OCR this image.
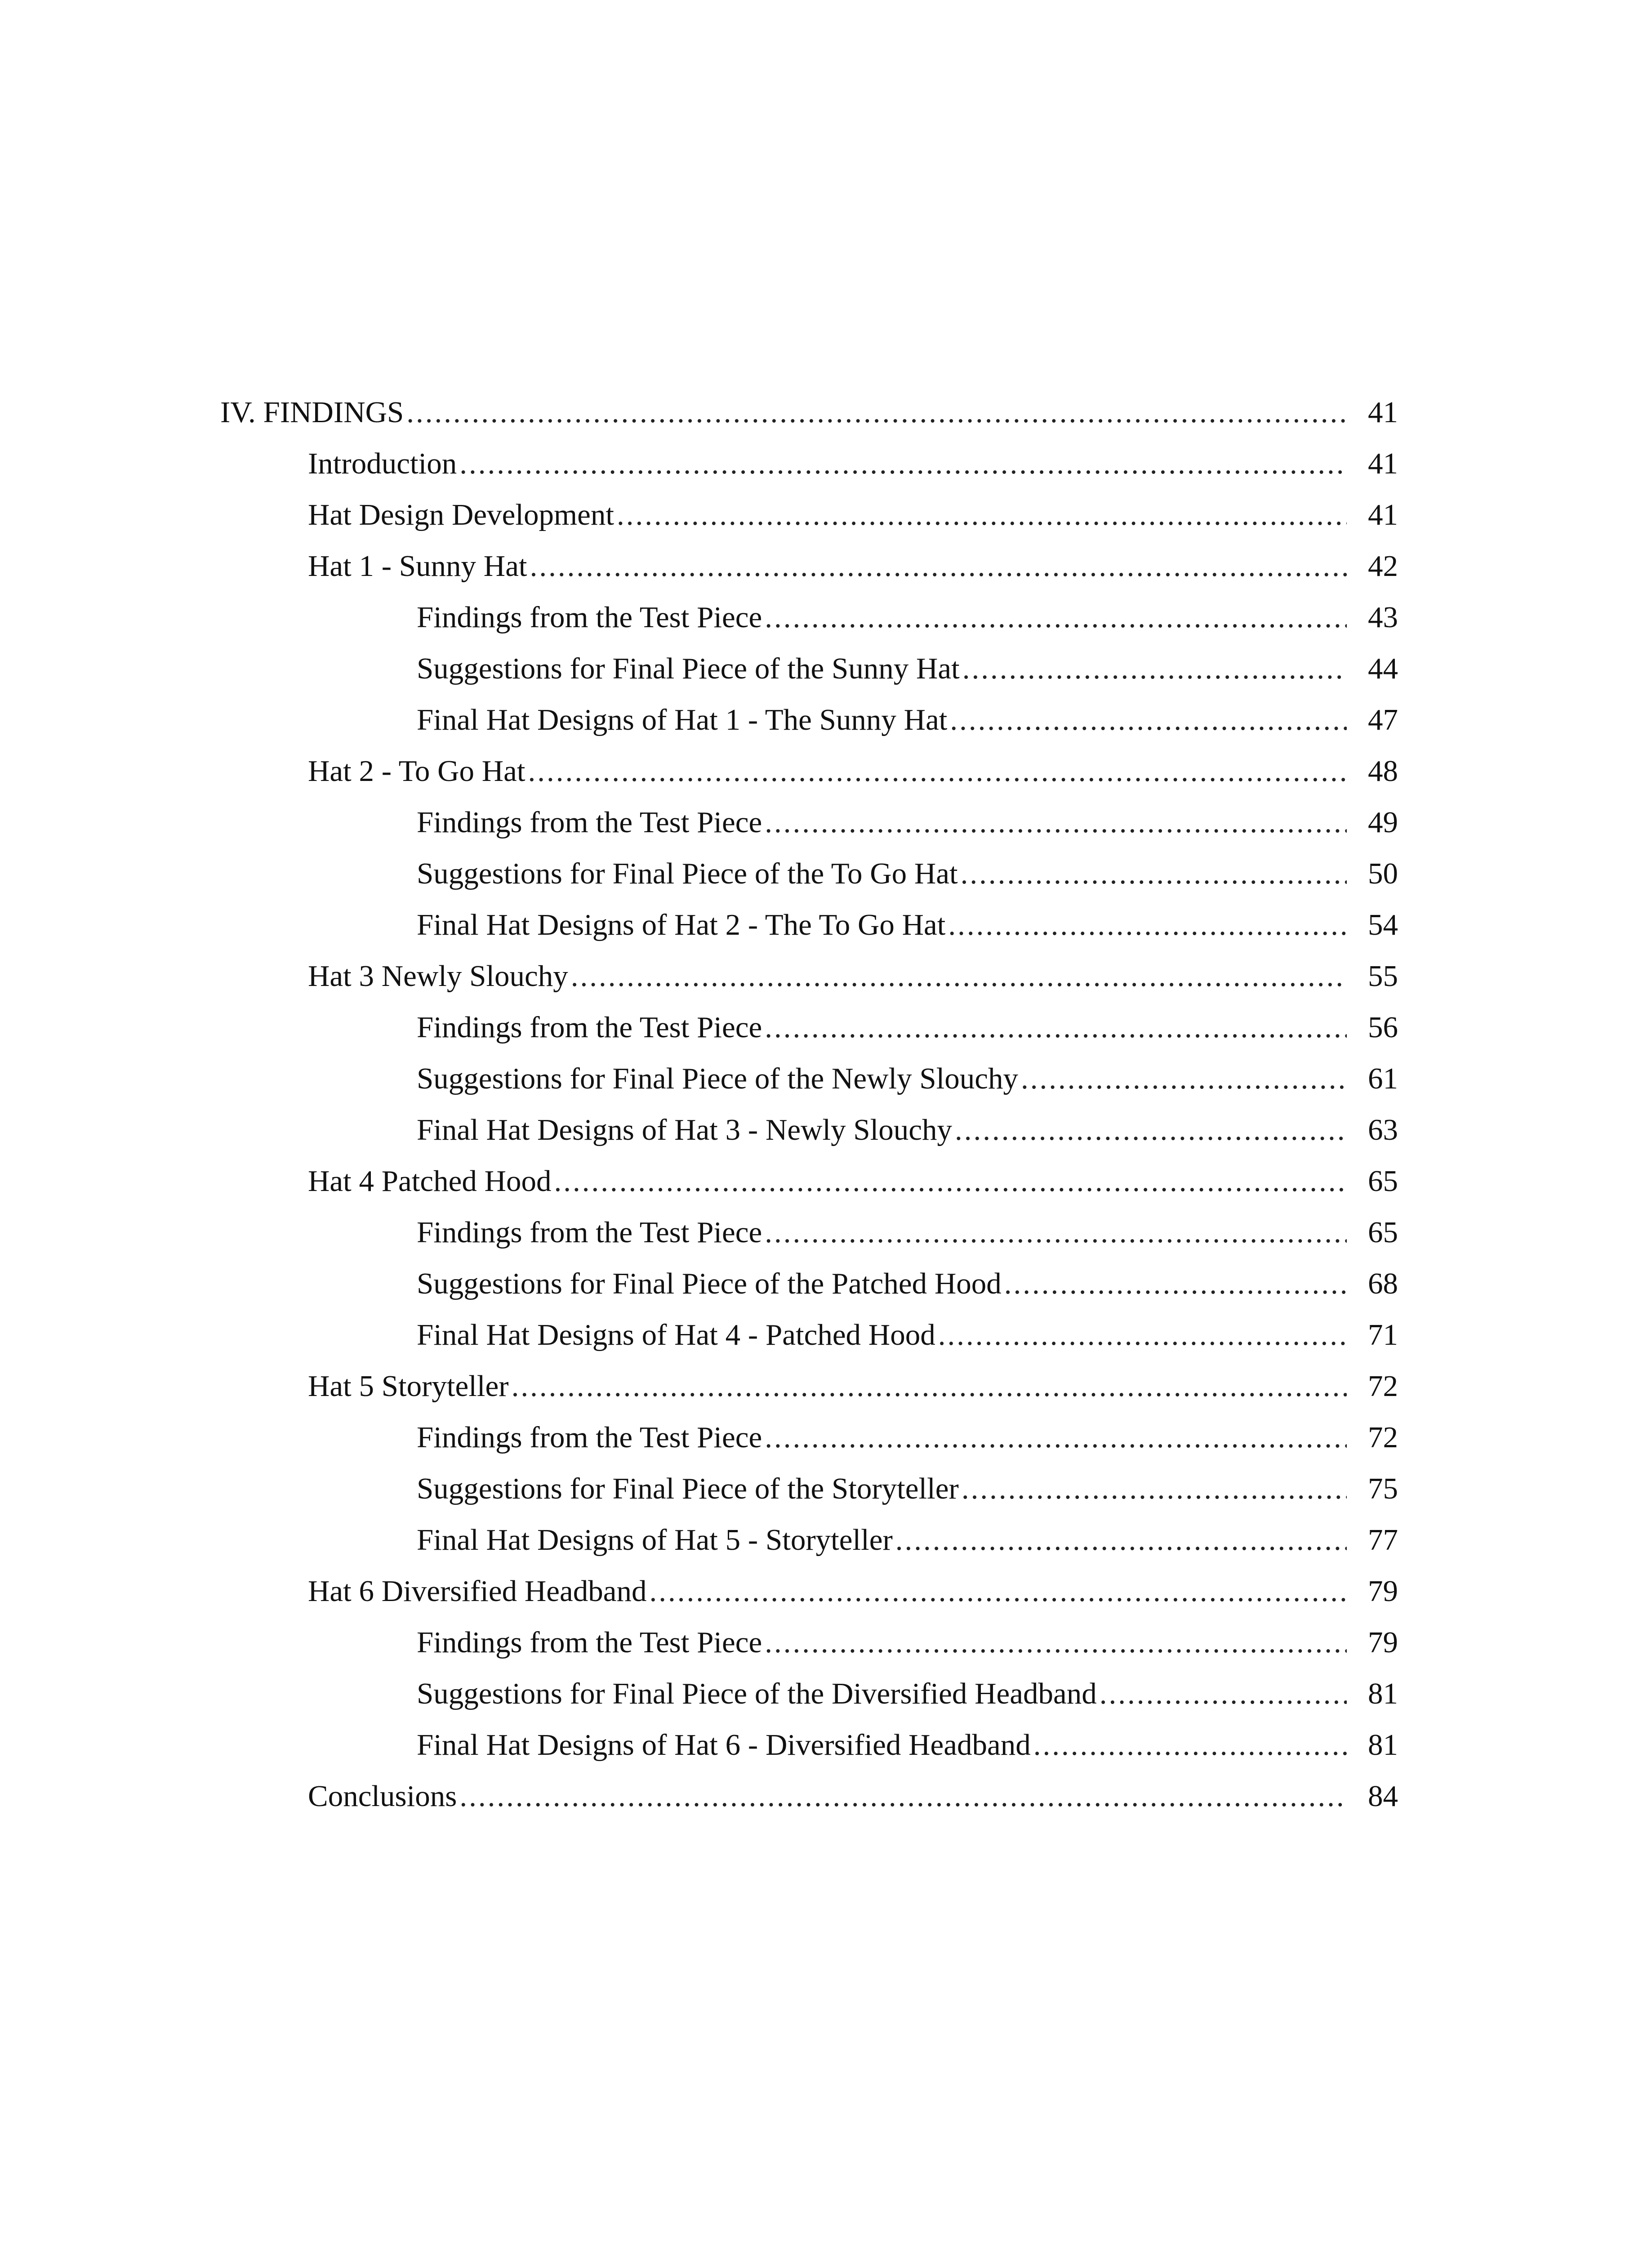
IV. FINDINGS .....	41
Introduction .....	41
Hat Design Development .....	41
Hat 1 - Sunny Hat .....	42
Findings from the Test Piece .....	43
Suggestions for Final Piece of the Sunny Hat .....	44
Final Hat Designs of Hat 1 - The Sunny Hat .....	47
Hat 2 - To Go Hat .....	48
Findings from the Test Piece .....	49
Suggestions for Final Piece of the To Go Hat .....	50
Final Hat Designs of Hat 2 - The To Go Hat .....	54
Hat 3 Newly Slouchy .....	55
Findings from the Test Piece .....	56
Suggestions for Final Piece of the Newly Slouchy .....	61
Final Hat Designs of Hat 3 - Newly Slouchy .....	63
Hat 4 Patched Hood .....	65
Findings from the Test Piece .....	65
Suggestions for Final Piece of the Patched Hood .....	68
Final Hat Designs of Hat 4 - Patched Hood .....	71
Hat 5 Storyteller .....	72
Findings from the Test Piece .....	72
Suggestions for Final Piece of the Storyteller .....	75
Final Hat Designs of Hat 5 - Storyteller .....	77
Hat 6 Diversified Headband .....	79
Findings from the Test Piece .....	79
Suggestions for Final Piece of the Diversified Headband .....	81
Final Hat Designs of Hat 6 - Diversified Headband .....	81
Conclusions .....	84
